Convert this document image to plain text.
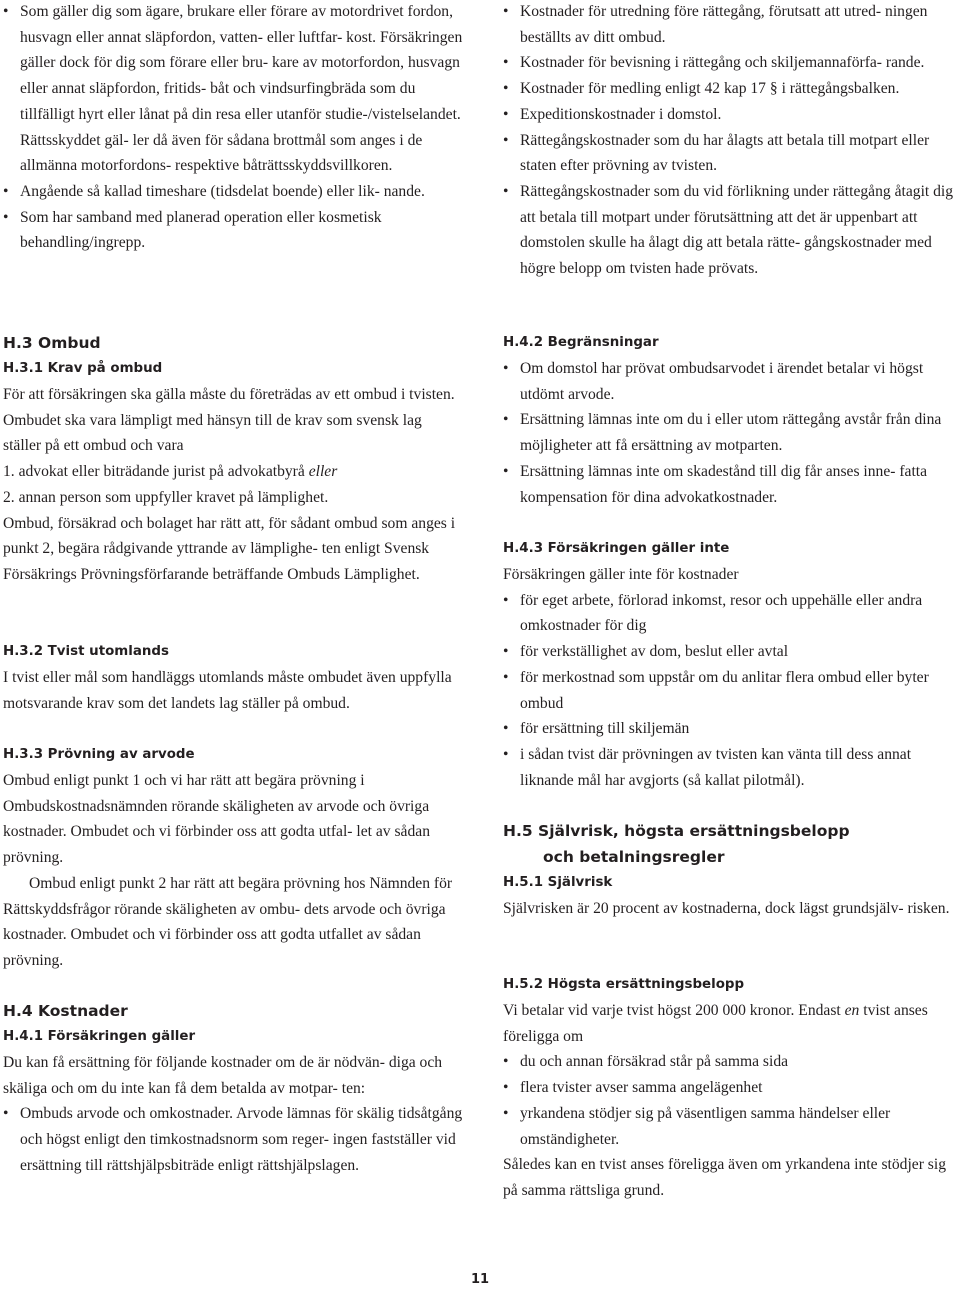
• Som gäller dig som ägare, brukare eller förare av motordrivet fordon, husvagn eller annat släpfordon, vatten- eller luftfar- kost. Försäkringen gäller dock för dig som förare eller bru- kare av motorfordon, husvagn eller annat släpfordon, fritids- båt och vindsurfingbräda som du tillfälligt hyrt eller lånat på din resa eller utanför studie-/vistelselandet. Rättsskyddet gäl- ler då även för sådana brottmål som anges i de allmänna motorfordons- respektive båträttsskyddsvillkoren.
• Angående så kallad timeshare (tidsdelat boende) eller lik- nande.
• Som har samband med planerad operation eller kosmetisk behandling/ingrepp.
H.3 Ombud
H.3.1 Krav på ombud

För att försäkringen ska gälla måste du företrädas av ett ombud i tvisten. Ombudet ska vara lämpligt med hänsyn till de krav som svensk lag ställer på ett ombud och vara

1. advokat eller biträdande jurist på advokatbyrå eller

2. annan person som uppfyller kravet på lämplighet.

Ombud, försäkrad och bolaget har rätt att, för sådant ombud som anges i punkt 2, begära rådgivande yttrande av lämplighe- ten enligt Svensk Försäkrings Prövningsförfarande beträffande Ombuds Lämplighet.

H.3.2 Tvist utomlands

I tvist eller mål som handläggs utomlands måste ombudet även uppfylla motsvarande krav som det landets lag ställer på ombud.

H.3.3 Prövning av arvode

Ombud enligt punkt 1 och vi har rätt att begära prövning i Ombudskostnadsnämnden rörande skäligheten av arvode och övriga kostnader. Ombudet och vi förbinder oss att godta utfal- let av sådan prövning.

Ombud enligt punkt 2 har rätt att begära prövning hos Nämnden för Rättskyddsfrågor rörande skäligheten av ombu- dets arvode och övriga kostnader. Ombudet och vi förbinder oss att godta utfallet av sådan prövning.

H.4 Kostnader
H.4.1 Försäkringen gäller

Du kan få ersättning för följande kostnader om de är nödvän- diga och skäliga och om du inte kan få dem betalda av motpar- ten:

• Ombuds arvode och omkostnader. Arvode lämnas för skälig tidsåtgång och högst enligt den timkostnadsnorm som reger- ingen fastställer vid ersättning till rättshjälpsbiträde enligt rättshjälpslagen.
• Kostnader för utredning före rättegång, förutsatt att utred- ningen beställts av ditt ombud.
• Kostnader för bevisning i rättegång och skiljemannaförfa- rande.
• Kostnader för medling enligt 42 kap 17 § i rättegångsbalken.
• Expeditionskostnader i domstol.
• Rättegångskostnader som du har ålagts att betala till motpart eller staten efter prövning av tvisten.
• Rättegångskostnader som du vid förlikning under rättegång åtagit dig att betala till motpart under förutsättning att det är uppenbart att domstolen skulle ha ålagt dig att betala rätte- gångskostnader med högre belopp om tvisten hade prövats.
H.4.2 Begränsningar
• Om domstol har prövat ombudsarvodet i ärendet betalar vi högst utdömt arvode.
• Ersättning lämnas inte om du i eller utom rättegång avstår från dina möjligheter att få ersättning av motparten.
• Ersättning lämnas inte om skadestånd till dig får anses inne- fatta kompensation för dina advokatkostnader.
H.4.3 Försäkringen gäller inte

Försäkringen gäller inte för kostnader

• för eget arbete, förlorad inkomst, resor och uppehälle eller andra omkostnader för dig
• för verkställighet av dom, beslut eller avtal
• för merkostnad som uppstår om du anlitar flera ombud eller byter ombud
• för ersättning till skiljemän
• i sådan tvist där prövningen av tvisten kan vänta till dess annat liknande mål har avgjorts (så kallat pilotmål).
H.5 Självrisk, högsta ersättningsbelopp
och betalningsregler
H.5.1 Självrisk

Självrisken är 20 procent av kostnaderna, dock lägst grundsjälv- risken.

H.5.2 Högsta ersättningsbelopp

Vi betalar vid varje tvist högst 200 000 kronor. Endast en tvist anses föreligga om

• du och annan försäkrad står på samma sida
• flera tvister avser samma angelägenhet
• yrkandena stödjer sig på väsentligen samma händelser eller omständigheter.

Således kan en tvist anses föreligga även om yrkandena inte stödjer sig på samma rättsliga grund.

11
